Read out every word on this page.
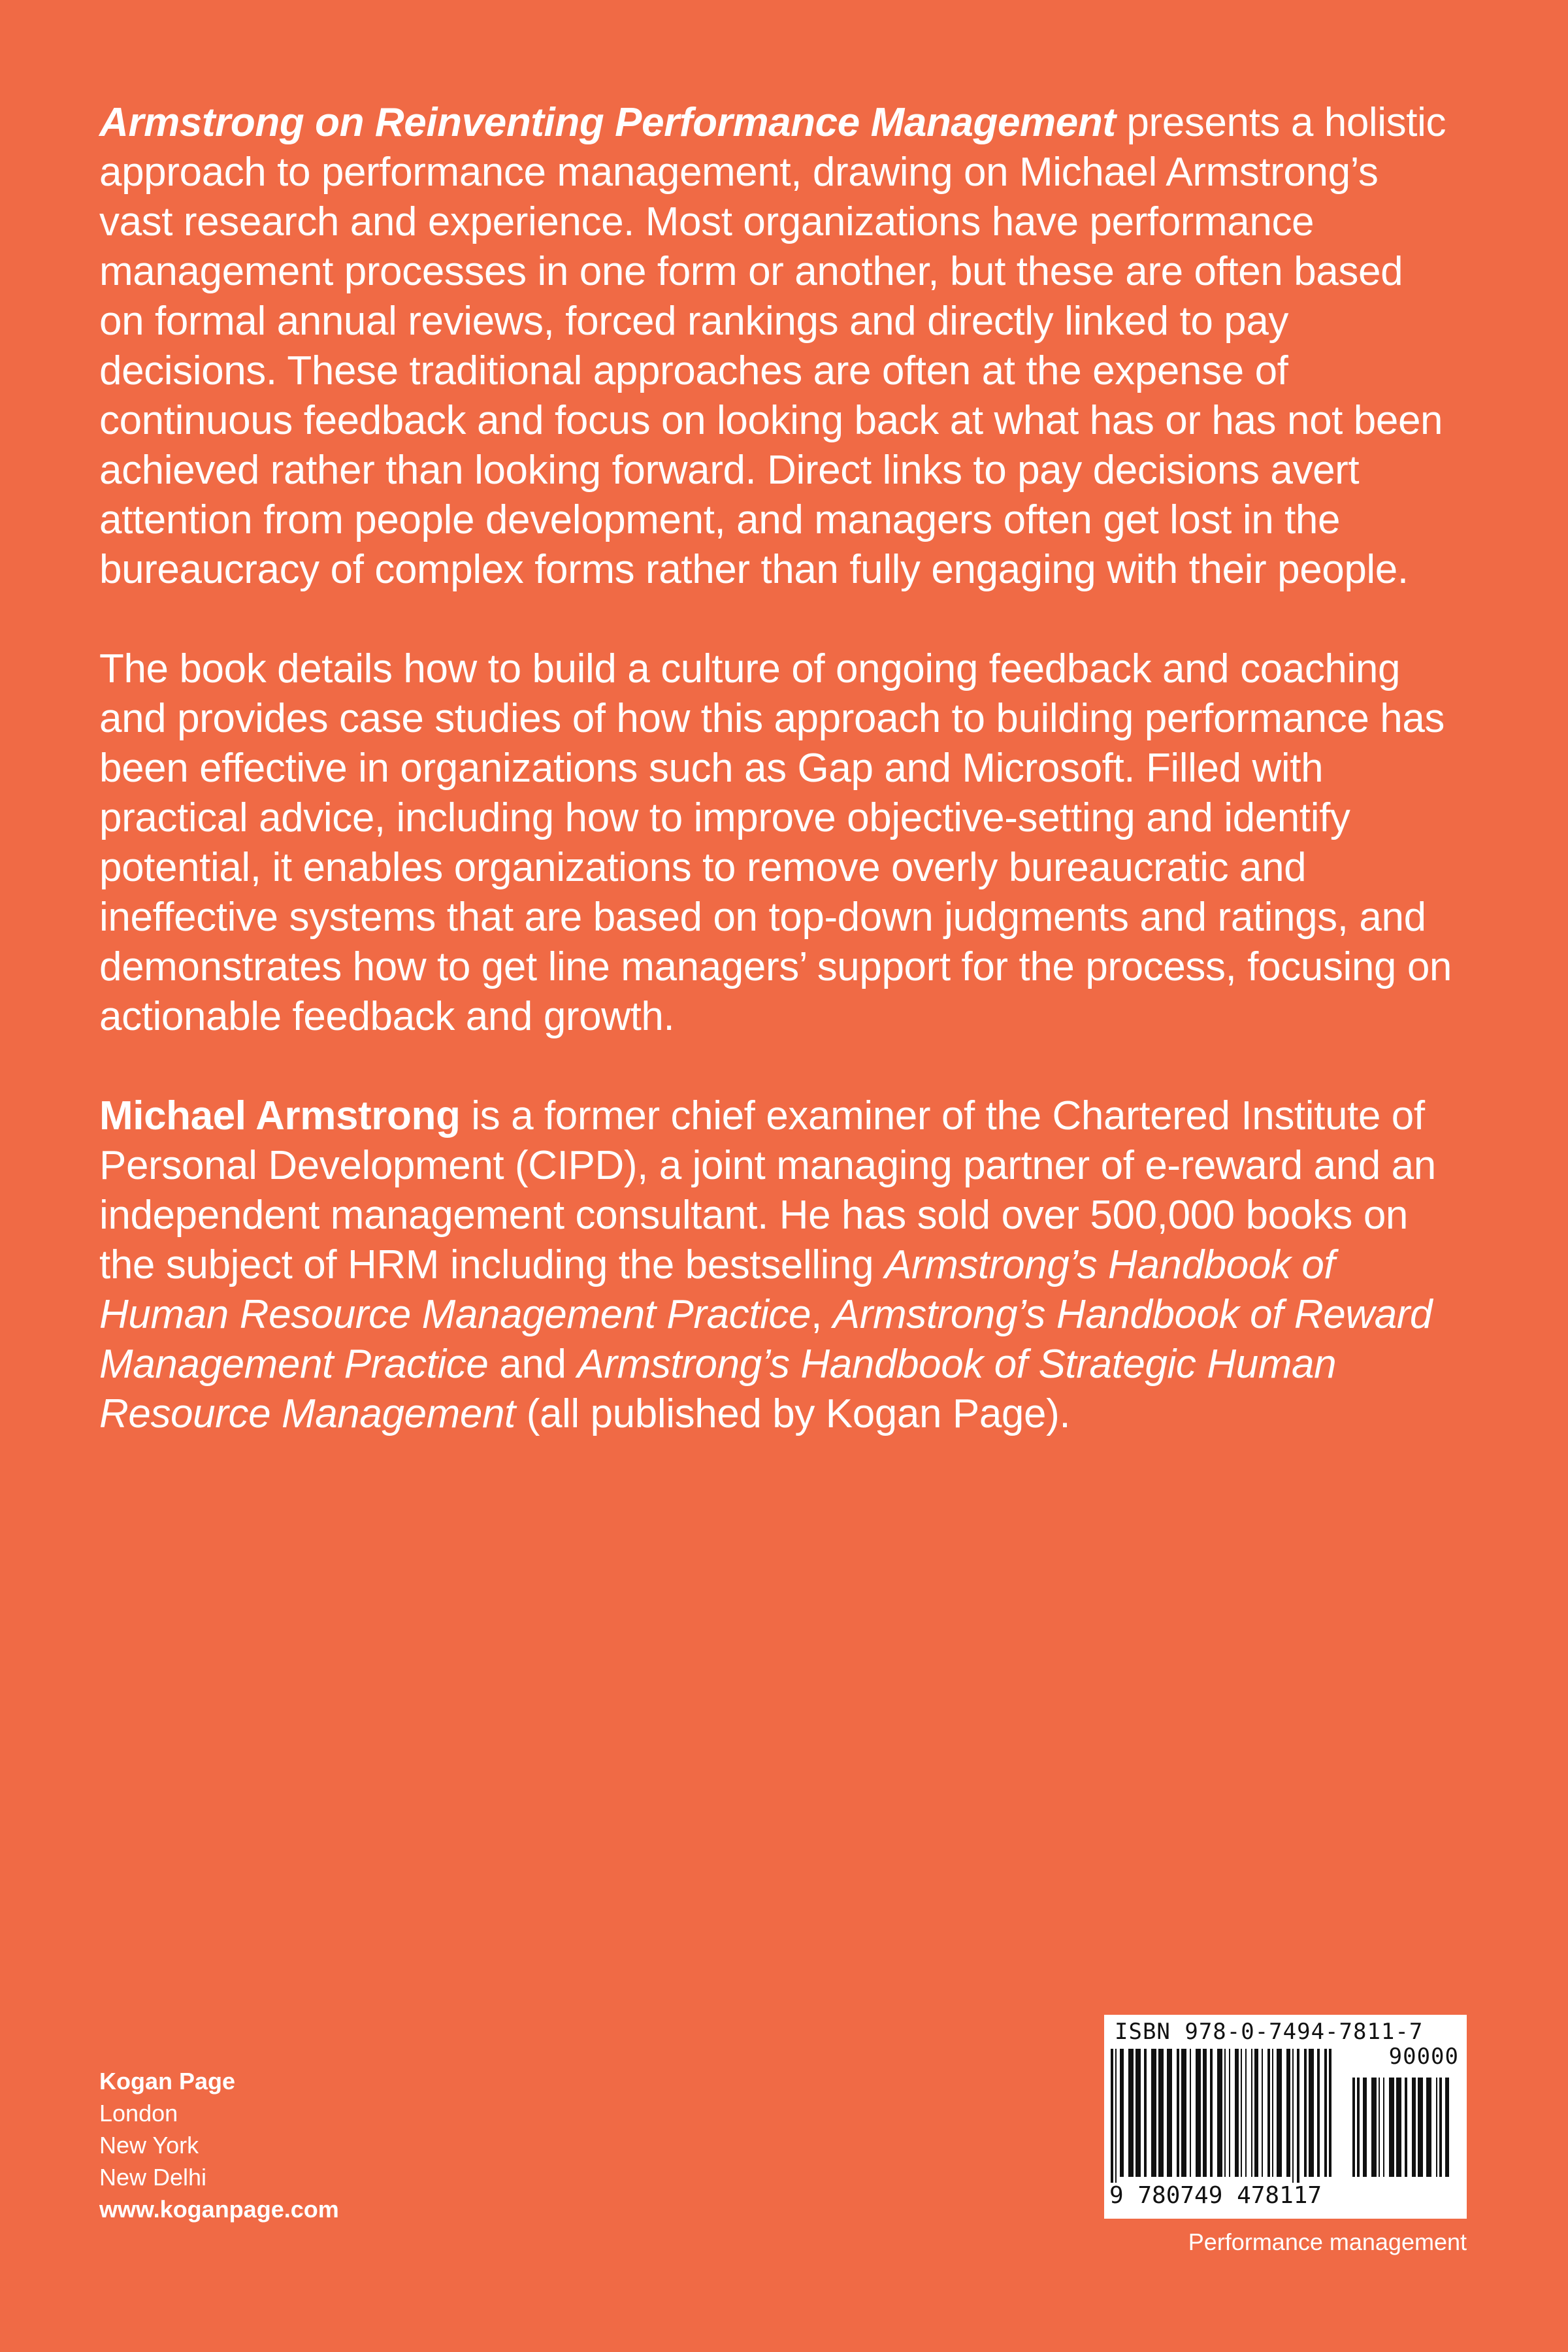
Armstrong on Reinventing Performance Management presents a holistic approach to performance management, drawing on Michael Armstrong’s vast research and experience. Most organizations have performance management processes in one form or another, but these are often based on formal annual reviews, forced rankings and directly linked to pay decisions. These traditional approaches are often at the expense of continuous feedback and focus on looking back at what has or has not been achieved rather than looking forward. Direct links to pay decisions avert attention from people development, and managers often get lost in the bureaucracy of complex forms rather than fully engaging with their people.

The book details how to build a culture of ongoing feedback and coaching and provides case studies of how this approach to building performance has been effective in organizations such as Gap and Microsoft. Filled with practical advice, including how to improve objective-setting and identify potential, it enables organizations to remove overly bureaucratic and ineffective systems that are based on top-down judgments and ratings, and demonstrates how to get line managers’ support for the process, focusing on actionable feedback and growth.

Michael Armstrong is a former chief examiner of the Chartered Institute of Personal Development (CIPD), a joint managing partner of e-reward and an independent management consultant. He has sold over 500,000 books on the subject of HRM including the bestselling Armstrong’s Handbook of Human Resource Management Practice, Armstrong’s Handbook of Reward Management Practice and Armstrong’s Handbook of Strategic Human Resource Management (all published by Kogan Page).

Kogan Page
London
New York
New Delhi
www.koganpage.com
ISBN 978-0-7494-7811-7
90000
9 780749 478117
Performance management
